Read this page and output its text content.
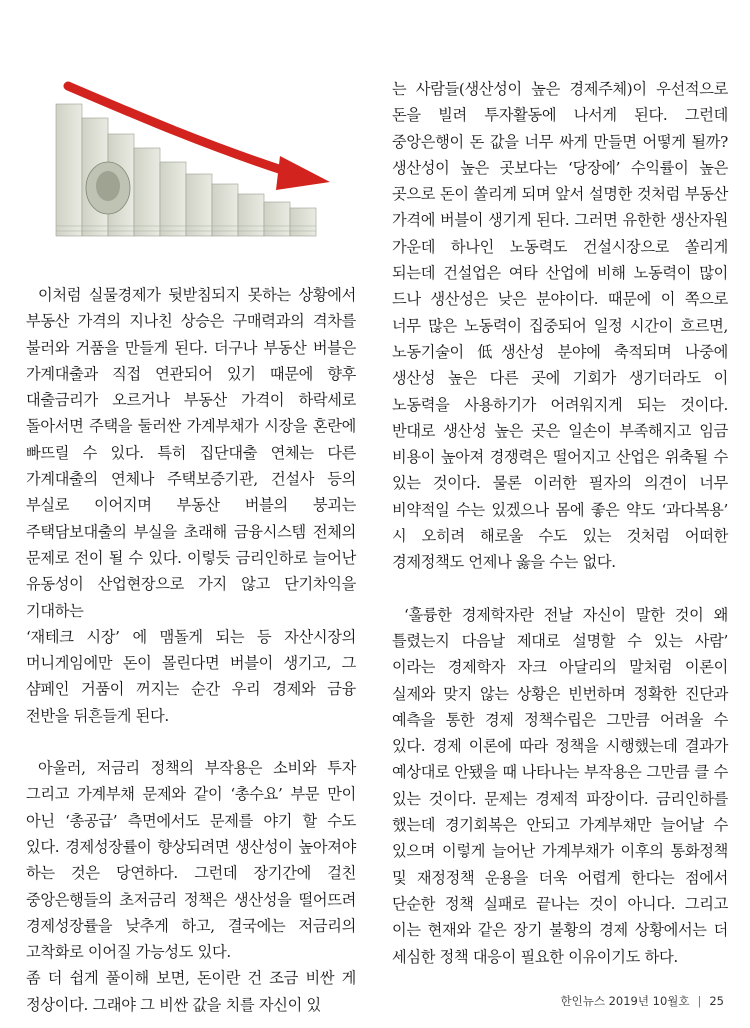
이처럼 실물경제가 뒷받침되지 못하는 상황에서 부동산 가격의 지나친 상승은 구매력과의 격차를 불러와 거품을 만들게 된다. 더구나 부동산 버블은 가계대출과 직접 연관되어 있기 때문에 향후 대출금리가 오르거나 부동산 가격이 하락세로 돌아서면 주택을 둘러싼 가계부채가 시장을 혼란에 빠뜨릴 수 있다. 특히 집단대출 연체는 다른 가계대출의 연체나 주택보증기관, 건설사 등의 부실로 이어지며 부동산 버블의 붕괴는 주택담보대출의 부실을 초래해 금융시스템 전체의 문제로 전이 될 수 있다. 이렇듯 금리인하로 늘어난 유동성이 산업현장으로 가지 않고 단기차익을 기대하는

‘재테크 시장’ 에 맴돌게 되는 등 자산시장의 머니게임에만 돈이 몰린다면 버블이 생기고, 그 샴페인 거품이 꺼지는 순간 우리 경제와 금융 전반을 뒤흔들게 된다.

아울러, 저금리 정책의 부작용은 소비와 투자 그리고 가계부채 문제와 같이 ‘총수요’ 부문 만이 아닌 ‘총공급’ 측면에서도 문제를 야기 할 수도 있다. 경제성장률이 향상되려면 생산성이 높아져야 하는 것은 당연하다. 그런데 장기간에 걸친 중앙은행들의 초저금리 정책은 생산성을 떨어뜨려 경제성장률을 낮추게 하고, 결국에는 저금리의 고착화로 이어질 가능성도 있다.

좀 더 쉽게 풀이해 보면, 돈이란 건 조금 비싼 게 정상이다. 그래야 그 비싼 값을 치를 자신이 있

는 사람들(생산성이 높은 경제주체)이 우선적으로 돈을 빌려 투자활동에 나서게 된다. 그런데 중앙은행이 돈 값을 너무 싸게 만들면 어떻게 될까? 생산성이 높은 곳보다는 ‘당장에’ 수익률이 높은 곳으로 돈이 쏠리게 되며 앞서 설명한 것처럼 부동산 가격에 버블이 생기게 된다. 그러면 유한한 생산자원 가운데 하나인 노동력도 건설시장으로 쏠리게 되는데 건설업은 여타 산업에 비해 노동력이 많이 드나 생산성은 낮은 분야이다. 때문에 이 쪽으로 너무 많은 노동력이 집중되어 일정 시간이 흐르면, 노동기술이 低생산성 분야에 축적되며 나중에 생산성 높은 다른 곳에 기회가 생기더라도 이 노동력을 사용하기가 어려워지게 되는 것이다. 반대로 생산성 높은 곳은 일손이 부족해지고 임금 비용이 높아져 경쟁력은 떨어지고 산업은 위축될 수 있는 것이다. 물론 이러한 필자의 의견이 너무 비약적일 수는 있겠으나 몸에 좋은 약도 ‘과다복용’ 시 오히려 해로울 수도 있는 것처럼 어떠한 경제정책도 언제나 옳을 수는 없다.

‘훌륭한 경제학자란 전날 자신이 말한 것이 왜 틀렸는지 다음날 제대로 설명할 수 있는 사람’ 이라는 경제학자 자크 아달리의 말처럼 이론이 실제와 맞지 않는 상황은 빈번하며 정확한 진단과 예측을 통한 경제 정책수립은 그만큼 어려울 수 있다. 경제 이론에 따라 정책을 시행했는데 결과가 예상대로 안됐을 때 나타나는 부작용은 그만큼 클 수 있는 것이다. 문제는 경제적 파장이다. 금리인하를 했는데 경기회복은 안되고 가계부채만 늘어날 수 있으며 이렇게 늘어난 가계부채가 이후의 통화정책 및 재정정책 운용을 더욱 어렵게 한다는 점에서 단순한 정책 실패로 끝나는 것이 아니다. 그리고 이는 현재와 같은 장기 불황의 경제 상황에서는 더 세심한 정책 대응이 필요한 이유이기도 하다.

한인뉴스 2019년 10월호 | 25
